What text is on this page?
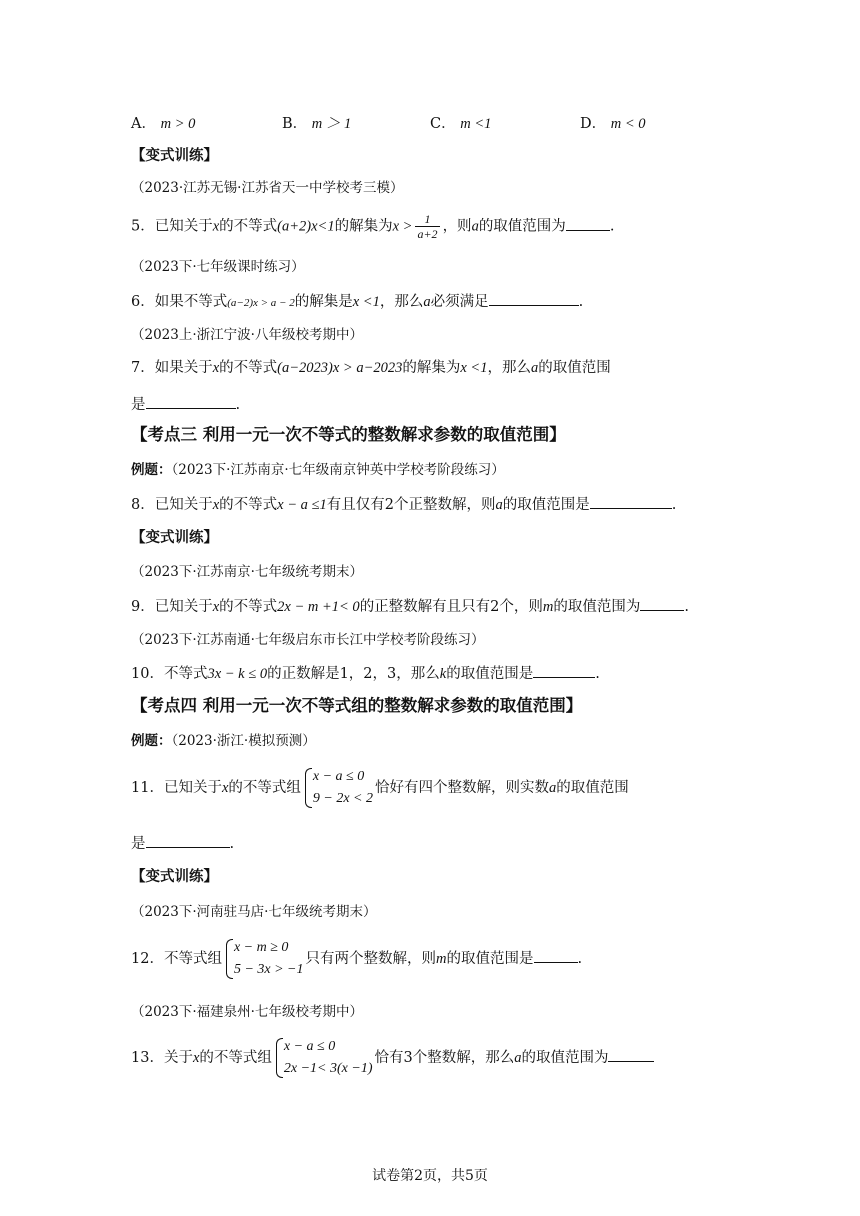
A． m > 0	B． m ＞ 1	C． m <1	D． m < 0
【变式训练】
（2023·江苏无锡·江苏省天一中学校考三模）
5．已知关于x的不等式(a+2)x<1的解集为$x > \frac{1}{a+2}$ ，则a的取值范围为	.
（2023下·七年级课时练习）
6．如果不等式(a−2)x > a − 2的解集是x <1，那么a必须满足	.
（2023上·浙江宁波·八年级校考期中）
7．如果关于x的不等式(a−2023)x > a−2023的解集为x <1，那么a的取值范围
是	.
【考点三 利用一元一次不等式的整数解求参数的取值范围】
例题：（2023下·江苏南京·七年级南京钟英中学校考阶段练习）
8．已知关于x的不等式x − a ≤1有且仅有2个正整数解，则a的取值范围是	.
【变式训练】
（2023下·江苏南京·七年级统考期末）
9．已知关于x的不等式2x − m +1< 0的正整数解有且只有2个，则m的取值范围为	.
（2023下·江苏南通·七年级启东市长江中学校考阶段练习）
10．不等式3x − k ≤ 0的正数解是1，2，3，那么k的取值范围是	.
【考点四 利用一元一次不等式组的整数解求参数的取值范围】
例题：（2023·浙江·模拟预测）
11．已知关于x的不等式组
x − a ≤ 0
9 − 2x < 2
恰好有四个整数解，则实数a的取值范围
是	.
【变式训练】
（2023下·河南驻马店·七年级统考期末）
12．不等式组
x − m ≥ 0
5 − 3x > −1
只有两个整数解，则m的取值范围是	.
（2023下·福建泉州·七年级校考期中）
13．关于x的不等式组
x − a ≤ 0
2x −1< 3(x −1)
恰有3个整数解，那么a的取值范围为
试卷第2页，共5页
